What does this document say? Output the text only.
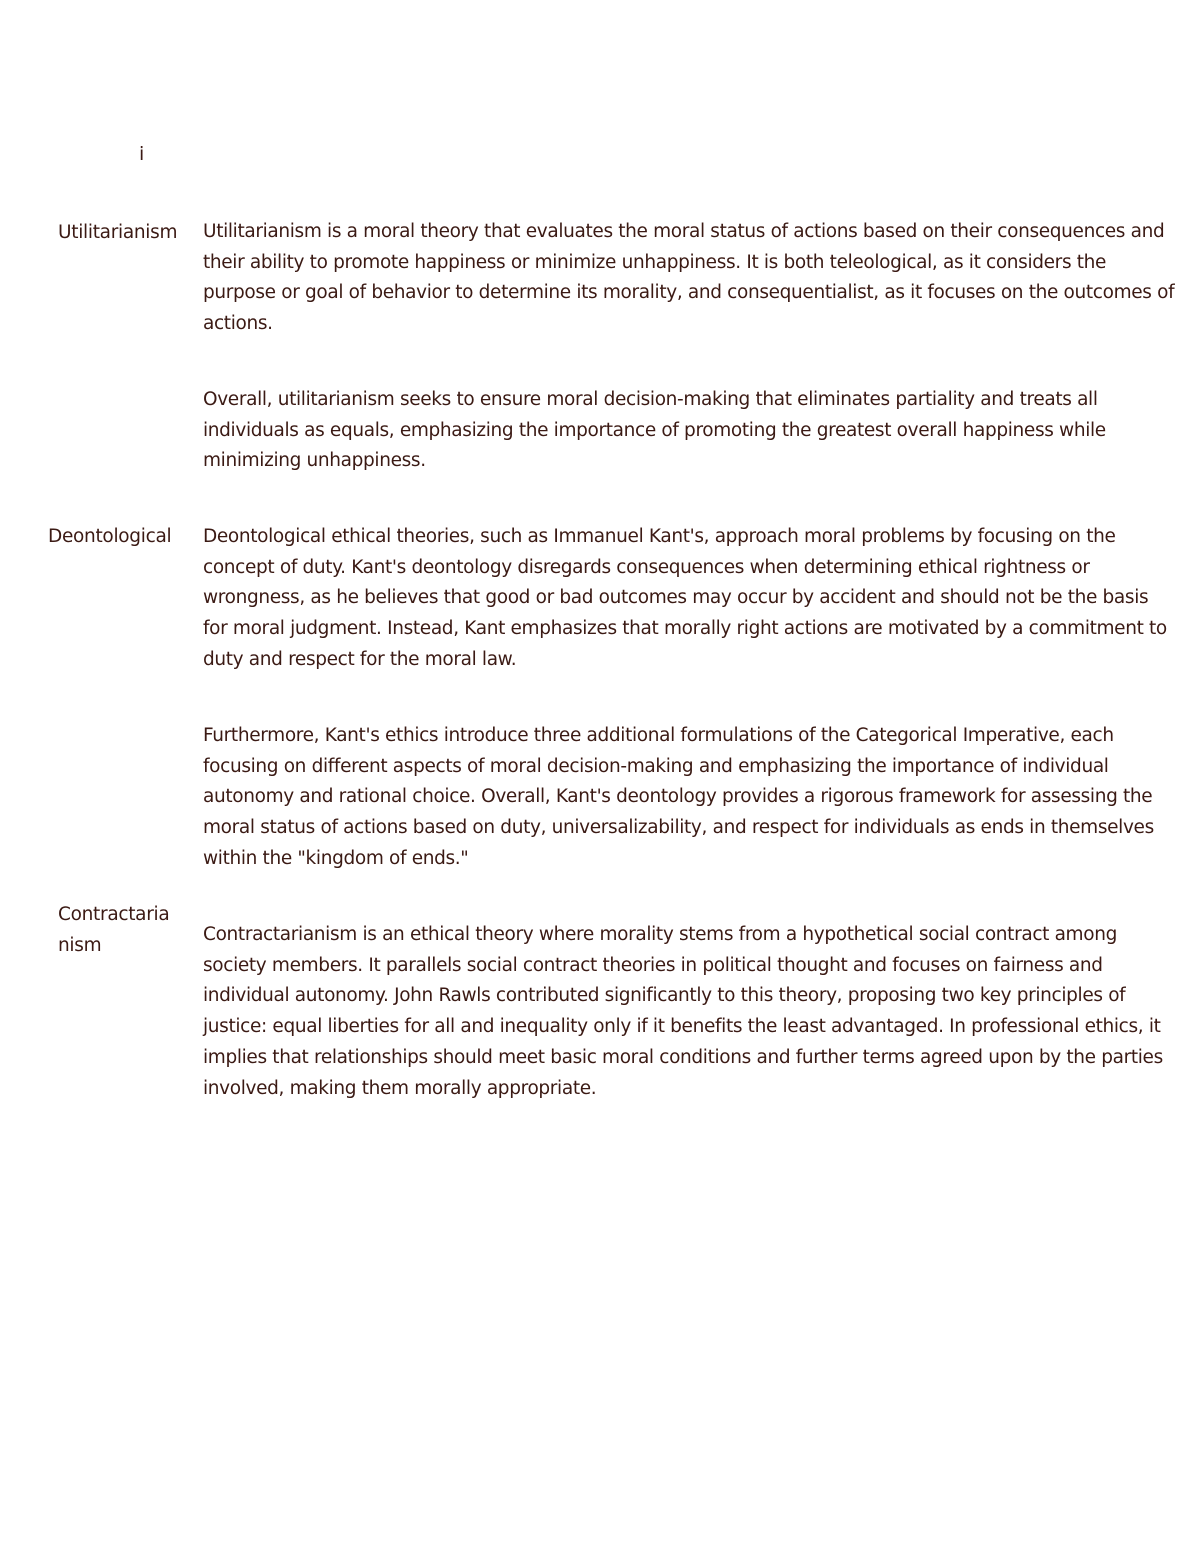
i
Utilitarianism	Utilitarianism is a moral theory that evaluates the moral status of actions based on their consequences and their ability to promote happiness or minimize unhappiness. It is both teleological, as it considers the purpose or goal of behavior to determine its morality, and consequentialist, as it focuses on the outcomes of actions.

Overall, utilitarianism seeks to ensure moral decision-making that eliminates partiality and treats all individuals as equals, emphasizing the importance of promoting the greatest overall happiness while minimizing unhappiness.

Deontological	Deontological ethical theories, such as Immanuel Kant's, approach moral problems by focusing on the concept of duty. Kant's deontology disregards consequences when determining ethical rightness or wrongness, as he believes that good or bad outcomes may occur by accident and should not be the basis for moral judgment. Instead, Kant emphasizes that morally right actions are motivated by a commitment to duty and respect for the moral law.

Furthermore, Kant's ethics introduce three additional formulations of the Categorical Imperative, each focusing on different aspects of moral decision-making and emphasizing the importance of individual autonomy and rational choice. Overall, Kant's deontology provides a rigorous framework for assessing the moral status of actions based on duty, universalizability, and respect for individuals as ends in themselves within the "kingdom of ends."

Contractarianism

Contractarianism is an ethical theory where morality stems from a hypothetical social contract among society members. It parallels social contract theories in political thought and focuses on fairness and individual autonomy. John Rawls contributed significantly to this theory, proposing two key principles of justice: equal liberties for all and inequality only if it benefits the least advantaged. In professional ethics, it implies that relationships should meet basic moral conditions and further terms agreed upon by the parties involved, making them morally appropriate.
